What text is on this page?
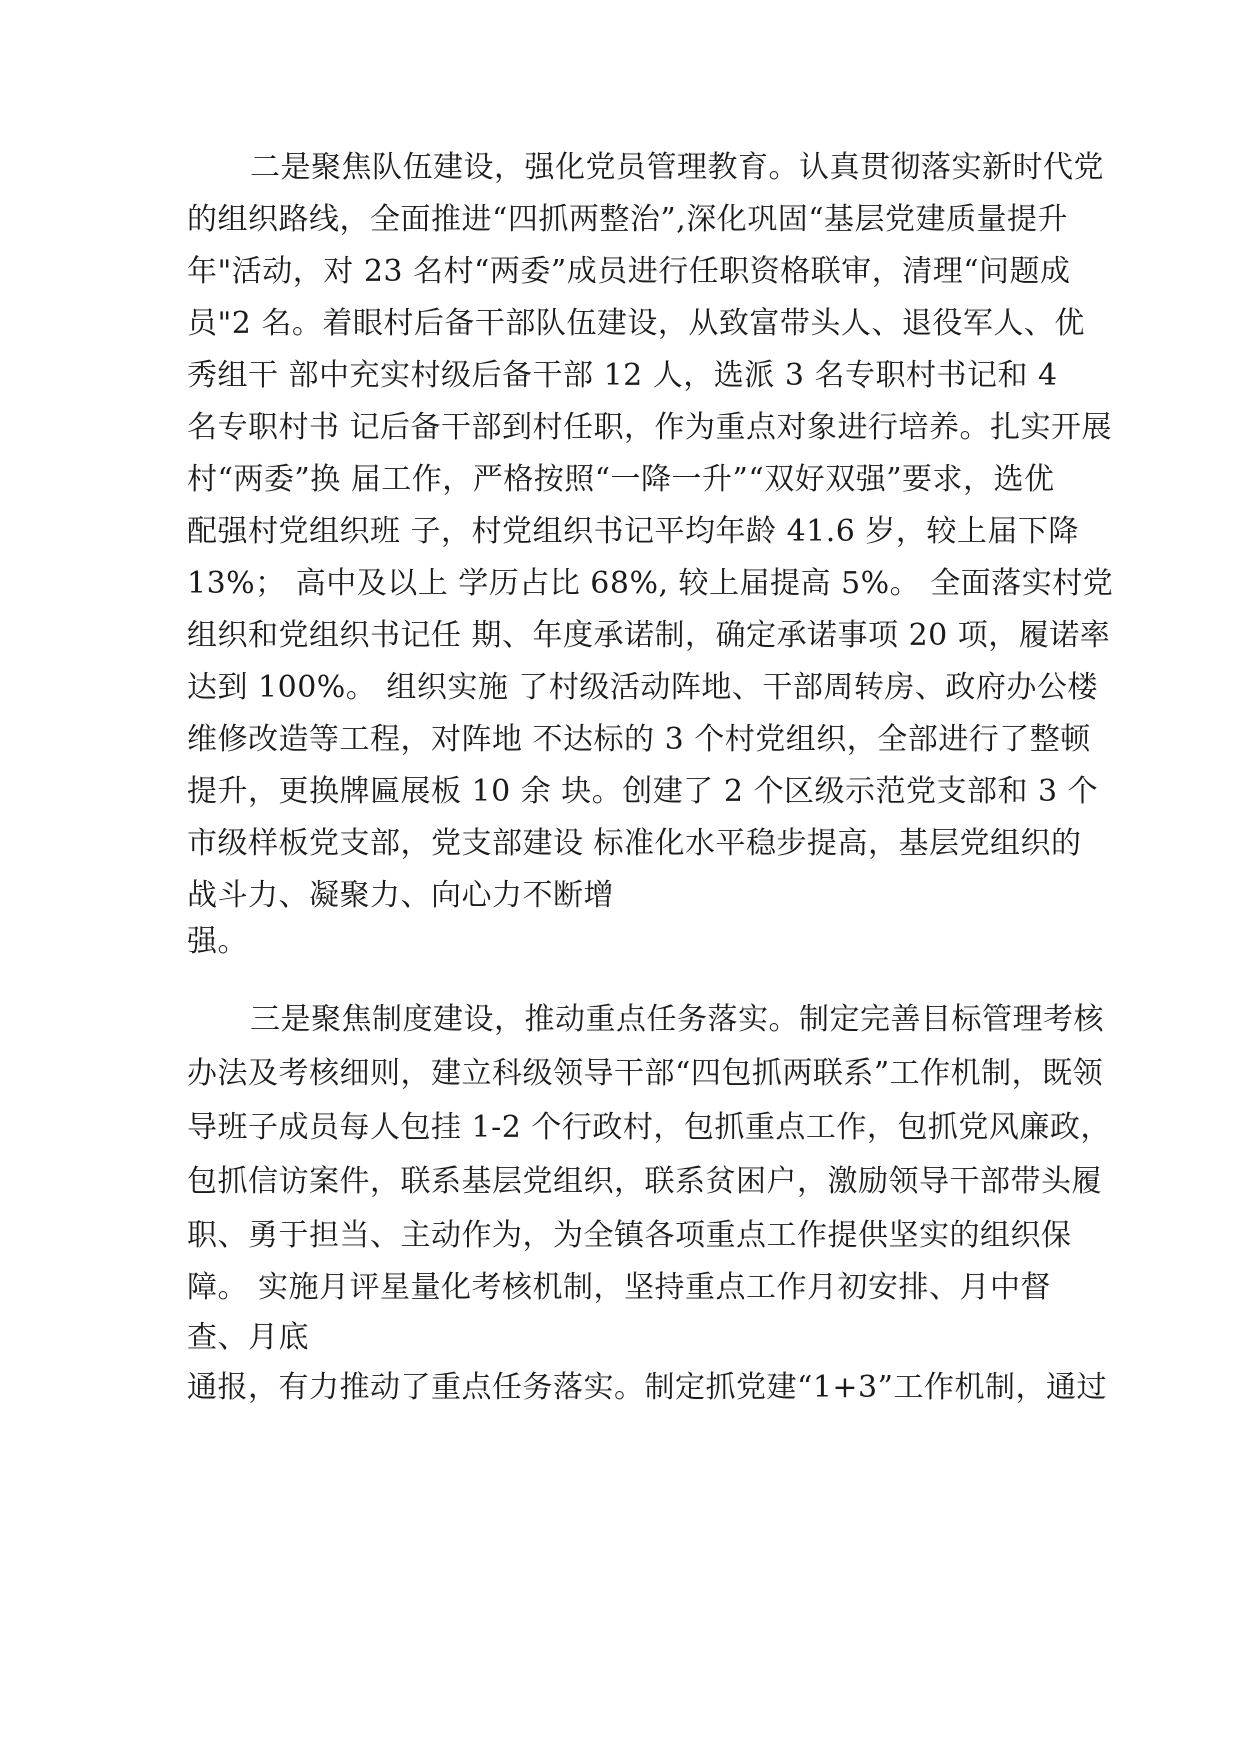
二是聚焦队伍建设，强化党员管理教育。认真贯彻落实新时代党
的组织路线，全面推进“四抓两整治”,深化巩固“基层党建质量提升
年"活动，对 23 名村“两委”成员进行任职资格联审，清理“问题成
员"2 名。着眼村后备干部队伍建设，从致富带头人、退役军人、优
秀组干 部中充实村级后备干部 12 人，选派 3 名专职村书记和 4
名专职村书 记后备干部到村任职，作为重点对象进行培养。扎实开展
村“两委”换 届工作，严格按照“一降一升”“双好双强”要求，选优
配强村党组织班 子，村党组织书记平均年龄 41.6 岁，较上届下降
13%； 高中及以上 学历占比 68%, 较上届提高 5%。 全面落实村党
组织和党组织书记任 期、年度承诺制，确定承诺事项 20 项，履诺率
达到 100%。 组织实施 了村级活动阵地、干部周转房、政府办公楼
维修改造等工程，对阵地 不达标的 3 个村党组织，全部进行了整顿
提升，更换牌匾展板 10 余 块。创建了 2 个区级示范党支部和 3 个
市级样板党支部，党支部建设 标准化水平稳步提高，基层党组织的
战斗力、凝聚力、向心力不断增
强。
三是聚焦制度建设，推动重点任务落实。制定完善目标管理考核
办法及考核细则，建立科级领导干部“四包抓两联系”工作机制，既领
导班子成员每人包挂 1-2 个行政村，包抓重点工作，包抓党风廉政，
包抓信访案件，联系基层党组织，联系贫困户，激励领导干部带头履
职、勇于担当、主动作为，为全镇各项重点工作提供坚实的组织保
障。 实施月评星量化考核机制，坚持重点工作月初安排、月中督
查、月底
通报，有力推动了重点任务落实。制定抓党建“1+3”工作机制，通过
